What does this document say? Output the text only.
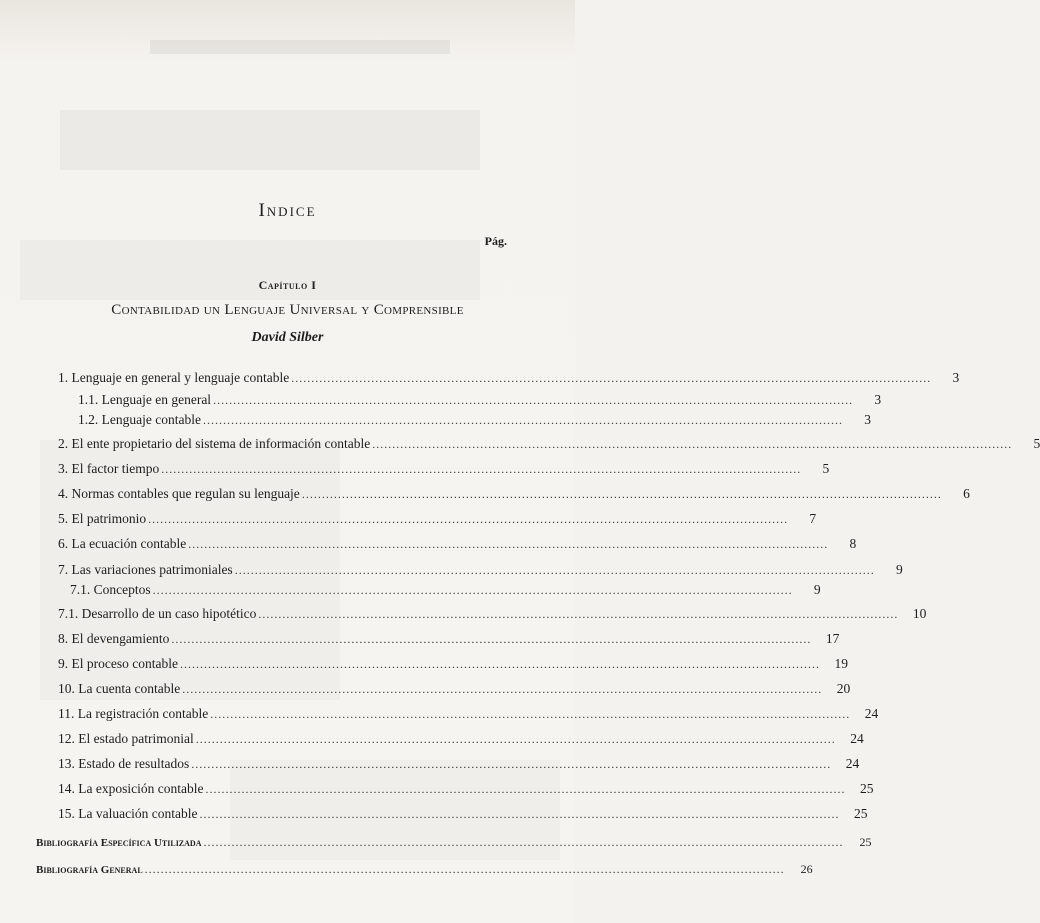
Indice
Pág.
Capítulo I
Contabilidad un Lenguaje Universal y Comprensible
David Silber
1. Lenguaje en general y lenguaje contable ................................................................................................................................................................	3
1.1. Lenguaje en general ................................................................................................................................................................	3
1.2. Lenguaje contable ................................................................................................................................................................	3
2. El ente propietario del sistema de información contable ................................................................................................................................................................	5
3. El factor tiempo ................................................................................................................................................................	5
4. Normas contables que regulan su lenguaje ................................................................................................................................................................	6
5. El patrimonio ................................................................................................................................................................	7
6. La ecuación contable ................................................................................................................................................................	8
7. Las variaciones patrimoniales ................................................................................................................................................................	9
7.1. Conceptos ................................................................................................................................................................	9
7.1. Desarrollo de un caso hipotético ................................................................................................................................................................	10
8. El devengamiento ................................................................................................................................................................	17
9. El proceso contable ................................................................................................................................................................	19
10. La cuenta contable ................................................................................................................................................................	20
11. La registración contable ................................................................................................................................................................	24
12. El estado patrimonial ................................................................................................................................................................	24
13. Estado de resultados ................................................................................................................................................................	24
14. La exposición contable ................................................................................................................................................................	25
15. La valuación contable ................................................................................................................................................................	25
Bibliografía Específica Utilizada ................................................................................................................................................................	25
Bibliografía General ................................................................................................................................................................	26
